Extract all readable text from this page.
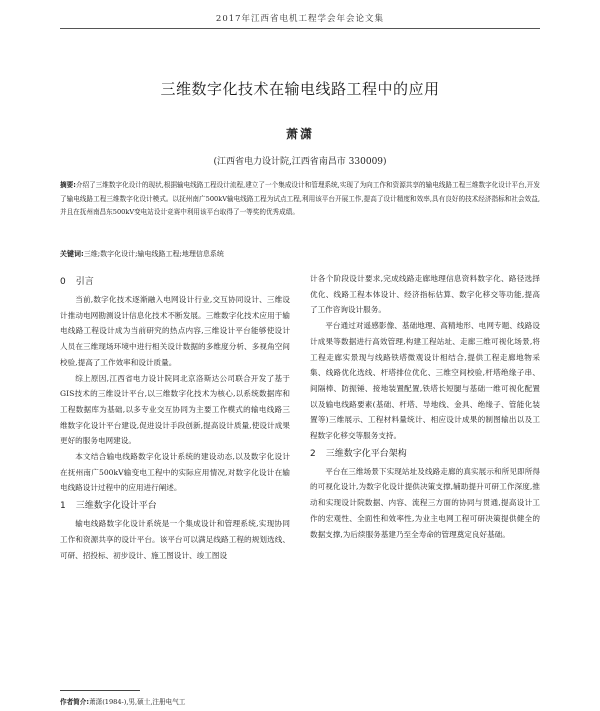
2017年江西省电机工程学会年会论文集
三维数字化技术在输电线路工程中的应用
萧潇
(江西省电力设计院,江西省南昌市 330009)
摘要:介绍了三维数字化设计的现状,根据输电线路工程设计流程,建立了一个集成设计和管理系统,实现了为向工作和资源共享的输电线路工程三维数字化设计平台,开发了输电线路工程三维数字化设计模式。以抚州南广500kV输电线路工程为试点工程,利用该平台开展工作,提高了设计精度和效率,具有良好的技术经济指标和社会效益,并且在抚州南昌东500kV变电站设计竞赛中利用该平台取得了一等奖的优秀成绩。
关键词:三维;数字化设计;输电线路工程;地理信息系统
0 引言

当前,数字化技术逐渐融入电网设计行业,交互协同设计、三维设计推动电网勘测设计信息化技术不断发展。三维数字化技术应用于输电线路工程设计成为当前研究的热点内容,三维设计平台能够使设计人员在三维现场环境中进行相关设计数据的多维度分析、多视角空间校验,提高了工作效率和设计质量。

综上原因,江西省电力设计院同北京洛斯达公司联合开发了基于GIS技术的三维设计平台,以三维数字化技术为核心,以系统数据库和工程数据库为基础,以多专业交互协同为主要工作模式的输电线路三维数字化设计平台建设,促进设计手段创新,提高设计质量,使设计成果更好的服务电网建设。

本文结合输电线路数字化设计系统的建设动态,以及数字化设计在抚州南广500kV输变电工程中的实际应用情况,对数字化设计在输电线路设计过程中的应用进行阐述。

1 三维数字化设计平台

输电线路数字化设计系统是一个集成设计和管理系统,实现协同工作和资源共享的设计平台。该平台可以满足线路工程的规划选线、可研、招投标、初步设计、施工图设计、竣工图设

计各个阶段设计要求,完成线路走廊地理信息资料数字化、路径选择优化、线路工程本体设计、经济指标估算、数字化移交等功能,提高了工作咨询设计服务。

平台通过对遥感影像、基础地理、高精地形、电网专题、线路设计成果等数据进行高效管理,构建工程站址、走廊三维可视化场景,将工程走廊实景现与线路铁塔微观设计相结合,提供工程走廊地物采集、线路优化选线、杆塔排位优化、三维空间校验,杆塔绝缘子串、间隔棒、防振锤、接地装置配置,铁塔长短腿与基础一维可视化配置以及输电线路要素(基础、杆塔、导地线、金具、绝缘子、管能化装置等)三维展示、工程材料量统计、相应设计成果的制图输出以及工程数字化移交等服务支持。

2 三维数字化平台架构

平台在三维场景下实现站址及线路走廊的真实展示和所见即所得的可视化设计,为数字化设计提供决策支撑,辅助提升可研工作深度,推动和实现设计院数据、内容、流程三方面的协同与贯通,提高设计工作的宏观性、全面性和效率性,为业主电网工程可研决策提供健全的数据支撑,为后续服务基建乃至全寿命的管理奠定良好基础。

作者简介:萧潇(1984-),男,硕士,注册电气工
